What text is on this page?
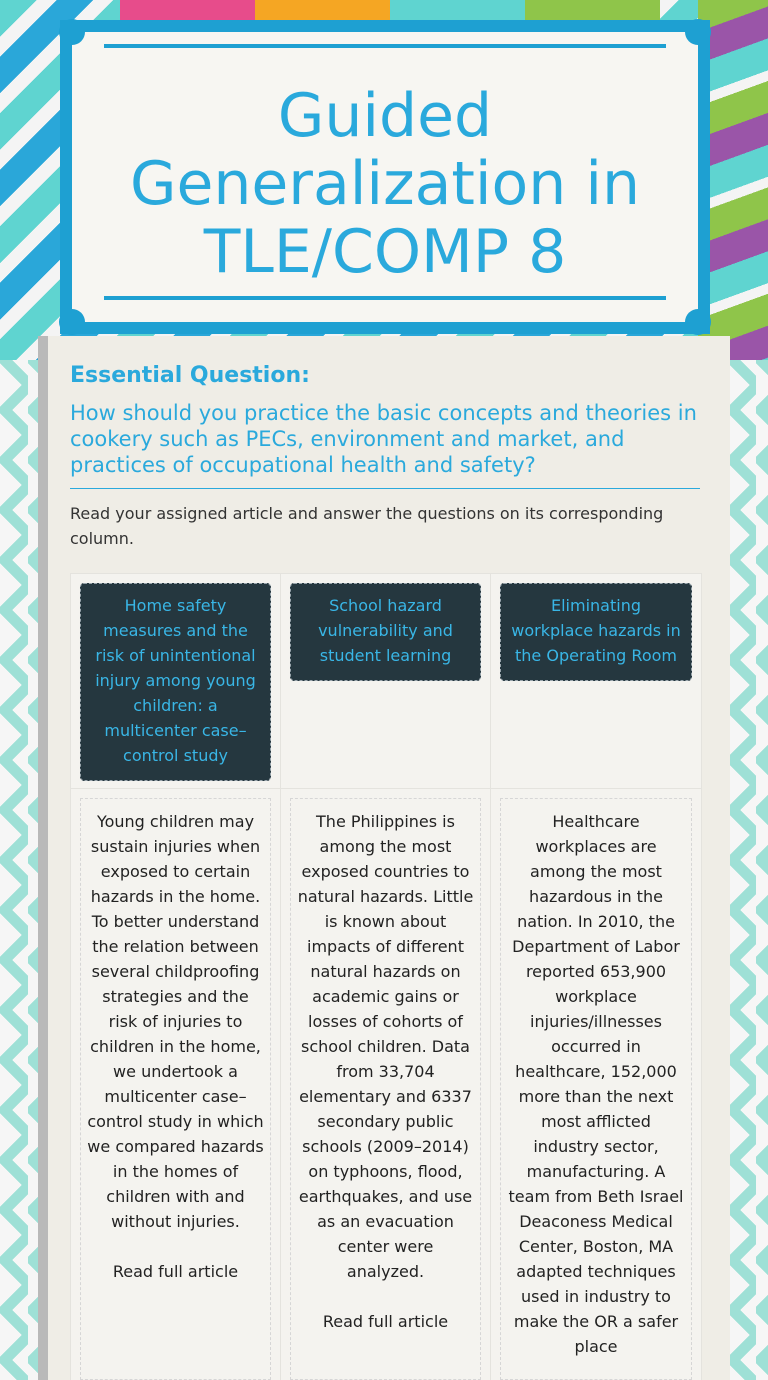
Guided Generalization in TLE/COMP 8
Essential Question:
How should you practice the basic concepts and theories in cookery such as PECs, environment and market, and practices of occupational health and safety?
Read your assigned article and answer the questions on its corresponding column.
Home safety measures and the risk of unintentional injury among young children: a multicenter case–control study
School hazard vulnerability and student learning
Eliminating workplace hazards in the Operating Room
Young children may sustain injuries when exposed to certain hazards in the home. To better understand the relation between several childproofing strategies and the risk of injuries to children in the home, we undertook a multicenter case–control study in which we compared hazards in the homes of children with and without injuries.
Read full article
The Philippines is among the most exposed countries to natural hazards. Little is known about impacts of different natural hazards on academic gains or losses of cohorts of school children. Data from 33,704 elementary and 6337 secondary public schools (2009–2014) on typhoons, flood, earthquakes, and use as an evacuation center were analyzed.
Read full article
Healthcare workplaces are among the most hazardous in the nation. In 2010, the Department of Labor reported 653,900 workplace injuries/illnesses occurred in healthcare, 152,000 more than the next most afflicted industry sector, manufacturing. A team from Beth Israel Deaconess Medical Center, Boston, MA adapted techniques used in industry to make the OR a safer place
